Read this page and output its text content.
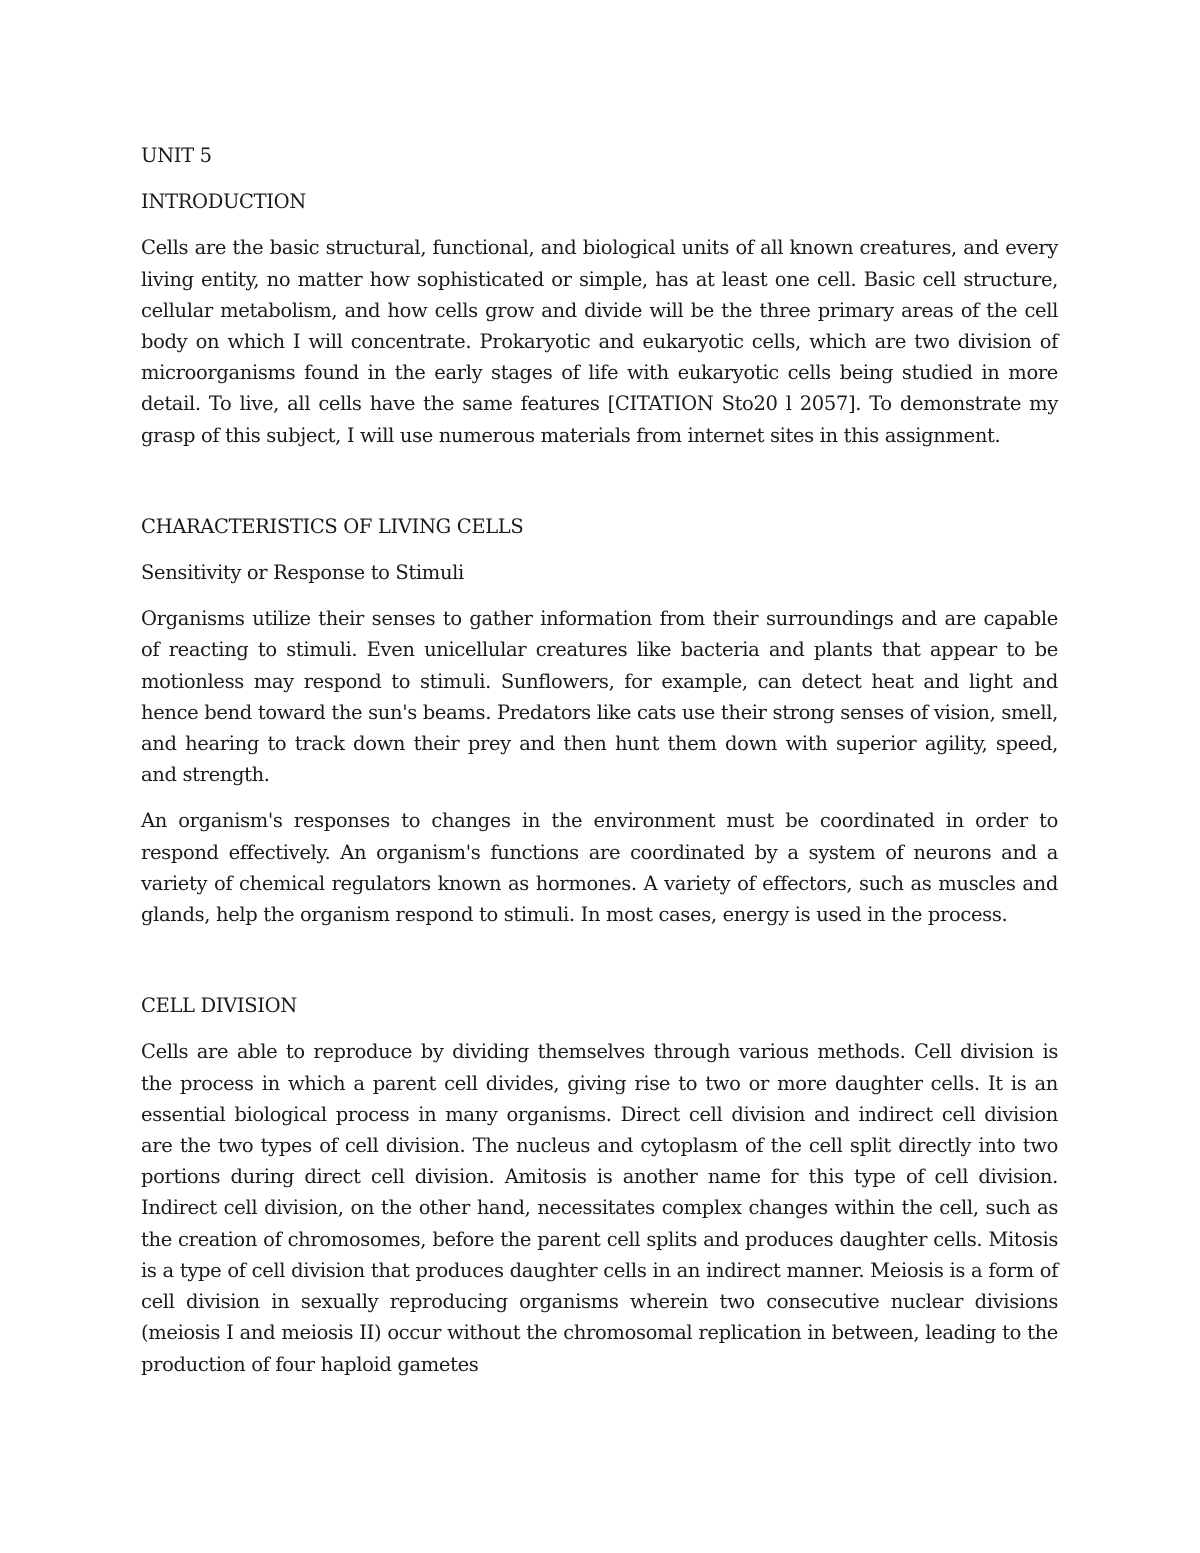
UNIT 5

INTRODUCTION

Cells are the basic structural, functional, and biological units of all known creatures, and every living entity, no matter how sophisticated or simple, has at least one cell. Basic cell structure, cellular metabolism, and how cells grow and divide will be the three primary areas of the cell body on which I will concentrate. Prokaryotic and eukaryotic cells, which are two division of microorganisms found in the early stages of life with eukaryotic cells being studied in more detail. To live, all cells have the same features [CITATION Sto20 l 2057]. To demonstrate my grasp of this subject, I will use numerous materials from internet sites in this assignment.

CHARACTERISTICS OF LIVING CELLS

Sensitivity or Response to Stimuli

Organisms utilize their senses to gather information from their surroundings and are capable of reacting to stimuli. Even unicellular creatures like bacteria and plants that appear to be motionless may respond to stimuli. Sunflowers, for example, can detect heat and light and hence bend toward the sun's beams. Predators like cats use their strong senses of vision, smell, and hearing to track down their prey and then hunt them down with superior agility, speed, and strength.

An organism's responses to changes in the environment must be coordinated in order to respond effectively. An organism's functions are coordinated by a system of neurons and a variety of chemical regulators known as hormones. A variety of effectors, such as muscles and glands, help the organism respond to stimuli. In most cases, energy is used in the process.

CELL DIVISION

Cells are able to reproduce by dividing themselves through various methods. Cell division is the process in which a parent cell divides, giving rise to two or more daughter cells. It is an essential biological process in many organisms. Direct cell division and indirect cell division are the two types of cell division. The nucleus and cytoplasm of the cell split directly into two portions during direct cell division. Amitosis is another name for this type of cell division. Indirect cell division, on the other hand, necessitates complex changes within the cell, such as the creation of chromosomes, before the parent cell splits and produces daughter cells. Mitosis is a type of cell division that produces daughter cells in an indirect manner. Meiosis is a form of cell division in sexually reproducing organisms wherein two consecutive nuclear divisions (meiosis I and meiosis II) occur without the chromosomal replication in between, leading to the production of four haploid gametes
